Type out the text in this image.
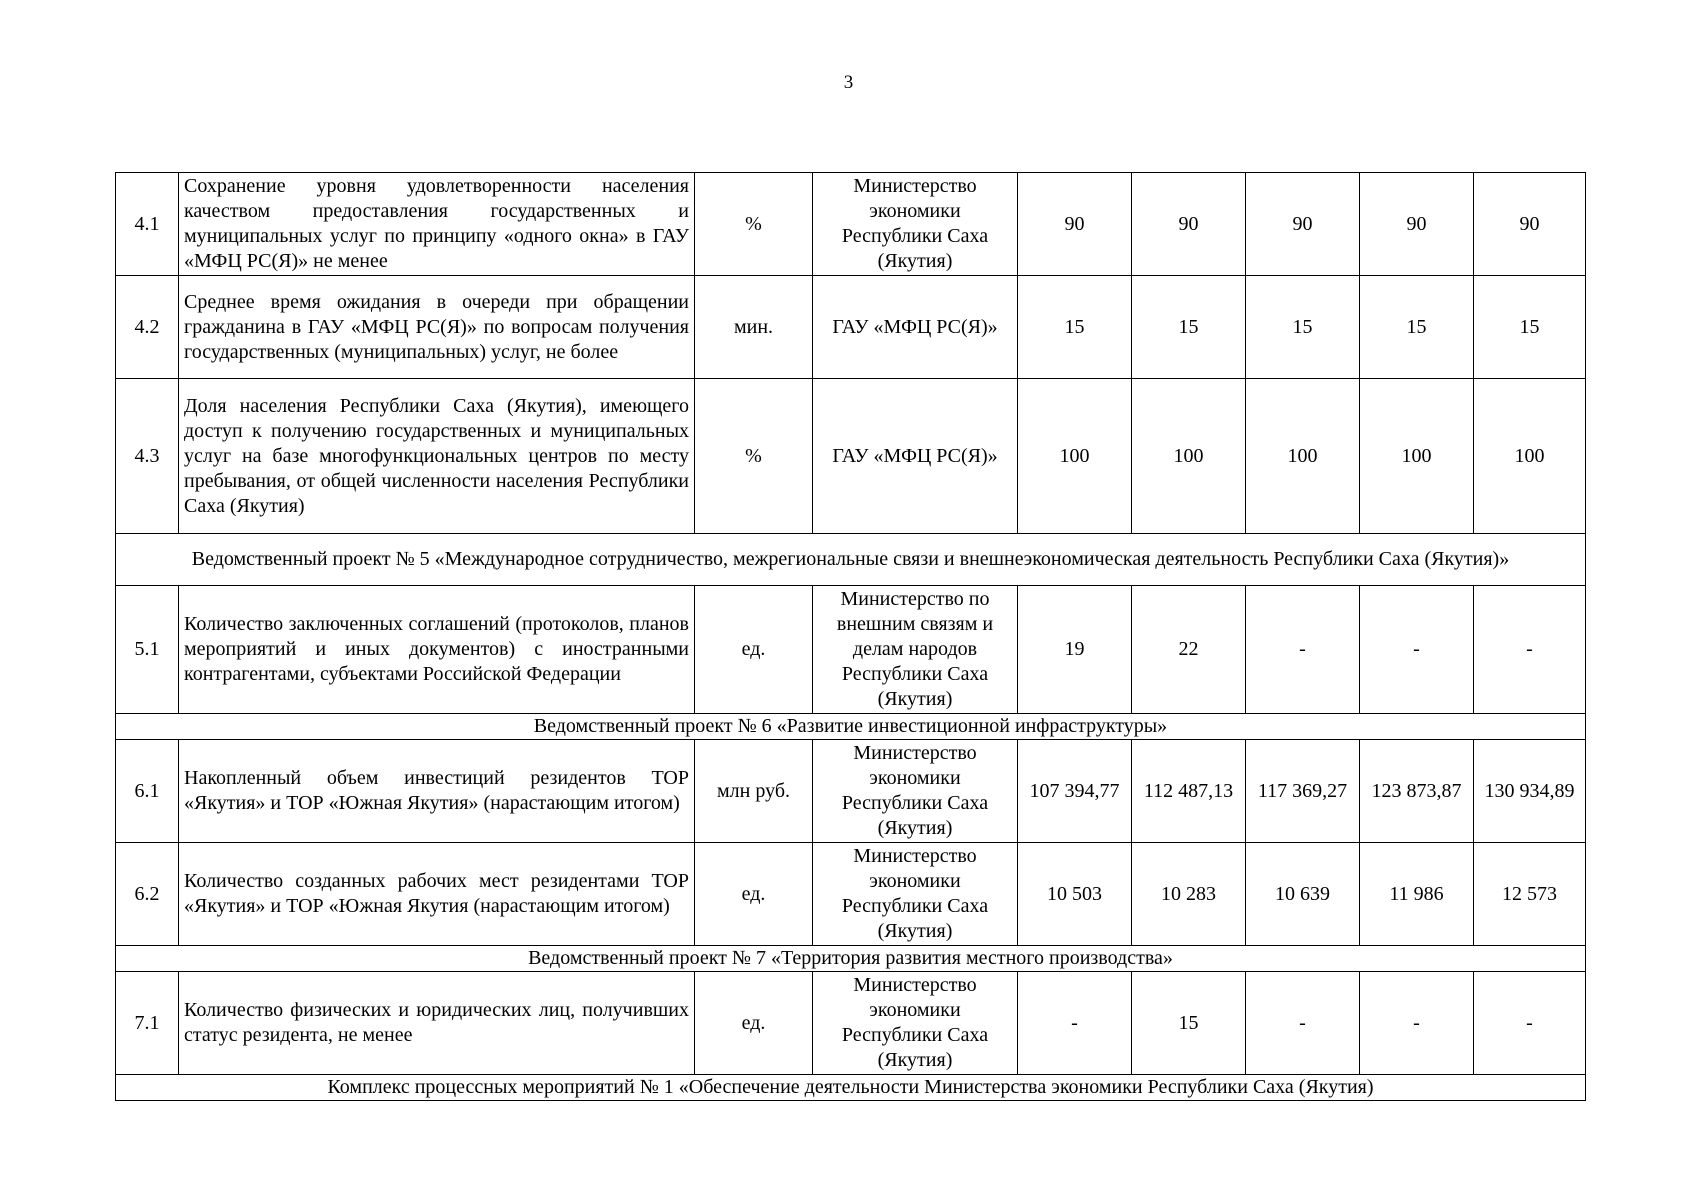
3
4.1	Сохранение уровня удовлетворенности населения качеством предоставления государственных и муниципальных услуг по принципу «одного окна» в ГАУ «МФЦ РС(Я)» не менее	%	Министерство экономики Республики Саха (Якутия)	90	90	90	90	90
4.2	Среднее время ожидания в очереди при обращении гражданина в ГАУ «МФЦ РС(Я)» по вопросам получения государственных (муниципальных) услуг, не более	мин.	ГАУ «МФЦ РС(Я)»	15	15	15	15	15
4.3	Доля населения Республики Саха (Якутия), имеющего доступ к получению государственных и муниципальных услуг на базе многофункциональных центров по месту пребывания, от общей численности населения Республики Саха (Якутия)	%	ГАУ «МФЦ РС(Я)»	100	100	100	100	100
Ведомственный проект № 5 «Международное сотрудничество, межрегиональные связи и внешнеэкономическая деятельность Республики Саха (Якутия)»								
5.1	Количество заключенных соглашений (протоколов, планов мероприятий и иных документов) с иностранными контрагентами, субъектами Российской Федерации	ед.	Министерство по внешним связям и делам народов Республики Саха (Якутия)	19	22	-	-	-
Ведомственный проект № 6 «Развитие инвестиционной инфраструктуры»								
6.1	Накопленный объем инвестиций резидентов ТОР «Якутия» и ТОР «Южная Якутия» (нарастающим итогом)	млн руб.	Министерство экономики Республики Саха (Якутия)	107 394,77	112 487,13	117 369,27	123 873,87	130 934,89
6.2	Количество созданных рабочих мест резидентами ТОР «Якутия» и ТОР «Южная Якутия (нарастающим итогом)	ед.	Министерство экономики Республики Саха (Якутия)	10 503	10 283	10 639	11 986	12 573
Ведомственный проект № 7 «Территория развития местного производства»								
7.1	Количество физических и юридических лиц, получивших статус резидента, не менее	ед.	Министерство экономики Республики Саха (Якутия)	-	15	-	-	-
Комплекс процессных мероприятий № 1 «Обеспечение деятельности Министерства экономики Республики Саха (Якутия)								
